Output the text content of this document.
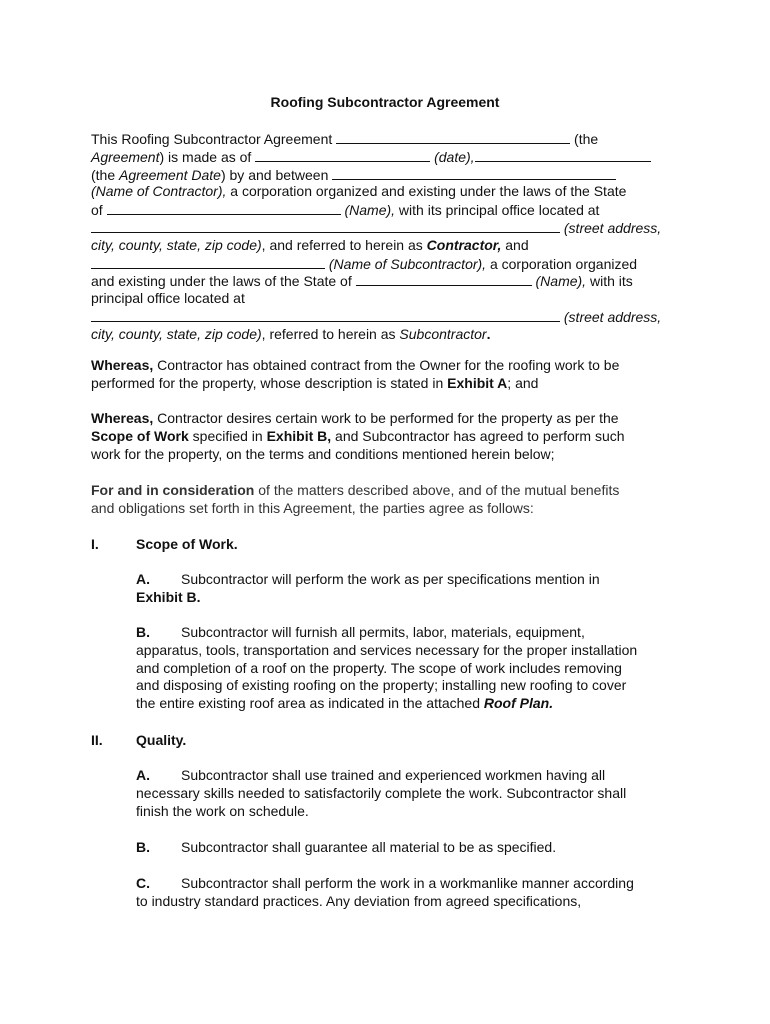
Roofing Subcontractor Agreement
This Roofing Subcontractor Agreement	(the
Agreement) is made as of	(date),
(the Agreement Date) by and between
(Name of Contractor), a corporation organized and existing under the laws of the State
of	(Name), with its principal office located at
(street address,
city, county, state, zip code), and referred to herein as Contractor, and
(Name of Subcontractor), a corporation organized
and existing under the laws of the State of	(Name), with its
principal office located at
(street address,
city, county, state, zip code), referred to herein as Subcontractor.
Whereas, Contractor has obtained contract from the Owner for the roofing work to be
performed for the property, whose description is stated in Exhibit A; and
Whereas, Contractor desires certain work to be performed for the property as per the
Scope of Work specified in Exhibit B, and Subcontractor has agreed to perform such
work for the property, on the terms and conditions mentioned herein below;
For and in consideration of the matters described above, and of the mutual benefits
and obligations set forth in this Agreement, the parties agree as follows:
I.	Scope of Work.
A. Subcontractor will perform the work as per specifications mention in
Exhibit B.
B. Subcontractor will furnish all permits, labor, materials, equipment,
apparatus, tools, transportation and services necessary for the proper installation
and completion of a roof on the property. The scope of work includes removing
and disposing of existing roofing on the property; installing new roofing to cover
the entire existing roof area as indicated in the attached Roof Plan.
II. Quality.
A. Subcontractor shall use trained and experienced workmen having all
necessary skills needed to satisfactorily complete the work. Subcontractor shall
finish the work on schedule.
B. Subcontractor shall guarantee all material to be as specified.
C. Subcontractor shall perform the work in a workmanlike manner according
to industry standard practices. Any deviation from agreed specifications,
